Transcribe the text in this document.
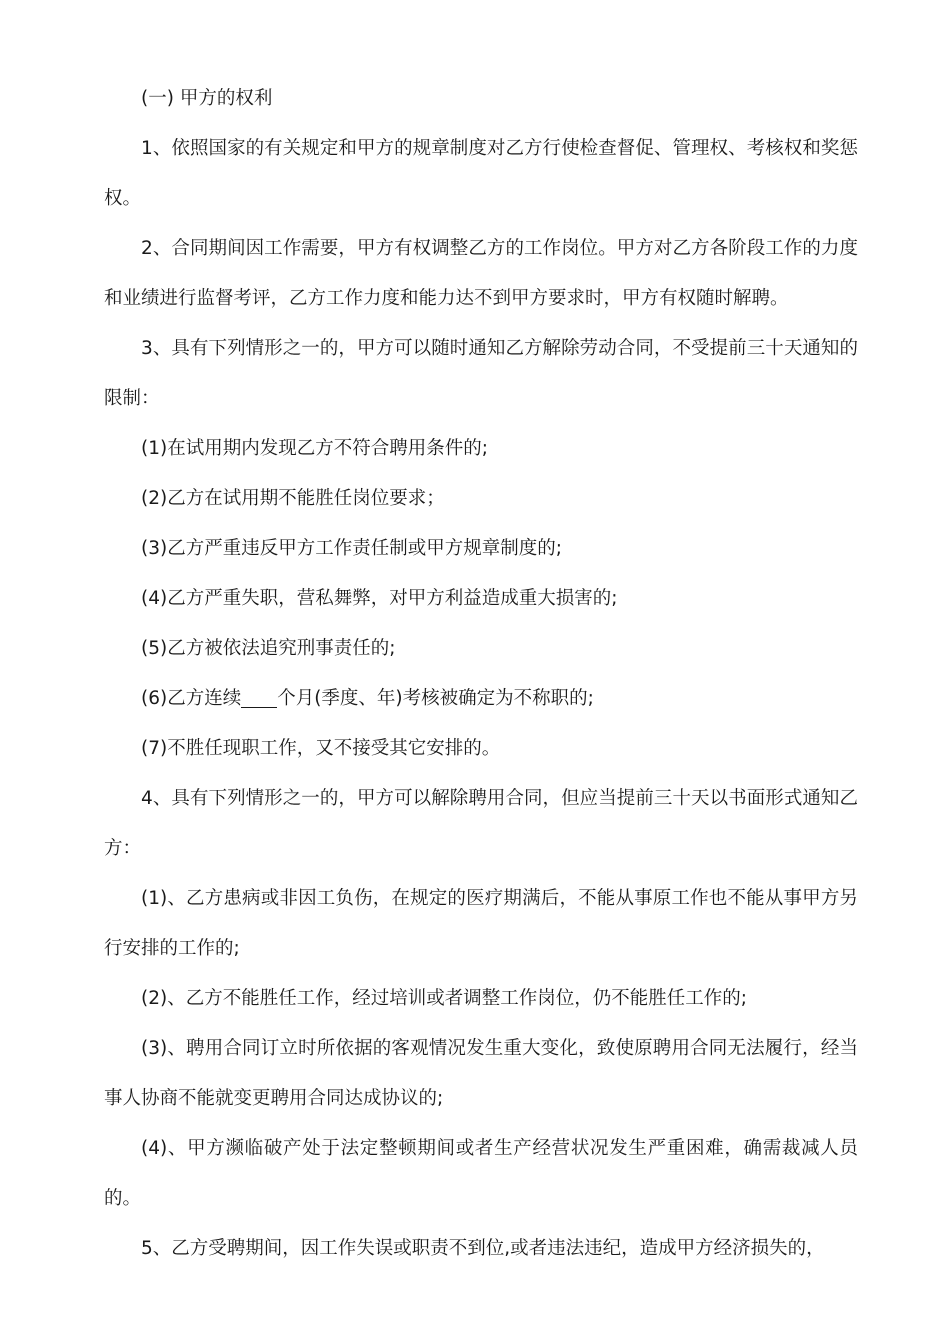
(一) 甲方的权利

1、依照国家的有关规定和甲方的规章制度对乙方行使检查督促、管理权、考核权和奖惩权。

2、合同期间因工作需要，甲方有权调整乙方的工作岗位。甲方对乙方各阶段工作的力度和业绩进行监督考评，乙方工作力度和能力达不到甲方要求时，甲方有权随时解聘。

3、具有下列情形之一的，甲方可以随时通知乙方解除劳动合同，不受提前三十天通知的限制：

(1)在试用期内发现乙方不符合聘用条件的;

(2)乙方在试用期不能胜任岗位要求；

(3)乙方严重违反甲方工作责任制或甲方规章制度的;

(4)乙方严重失职，营私舞弊，对甲方利益造成重大损害的;

(5)乙方被依法追究刑事责任的;

(6)乙方连续 个月(季度、年)考核被确定为不称职的;

(7)不胜任现职工作，又不接受其它安排的。

4、具有下列情形之一的，甲方可以解除聘用合同，但应当提前三十天以书面形式通知乙方：

(1)、乙方患病或非因工负伤，在规定的医疗期满后，不能从事原工作也不能从事甲方另行安排的工作的;

(2)、乙方不能胜任工作，经过培训或者调整工作岗位，仍不能胜任工作的;

(3)、聘用合同订立时所依据的客观情况发生重大变化，致使原聘用合同无法履行，经当事人协商不能就变更聘用合同达成协议的;

(4)、甲方濒临破产处于法定整顿期间或者生产经营状况发生严重困难，确需裁减人员的。

5、乙方受聘期间，因工作失误或职责不到位,或者违法违纪，造成甲方经济损失的，
